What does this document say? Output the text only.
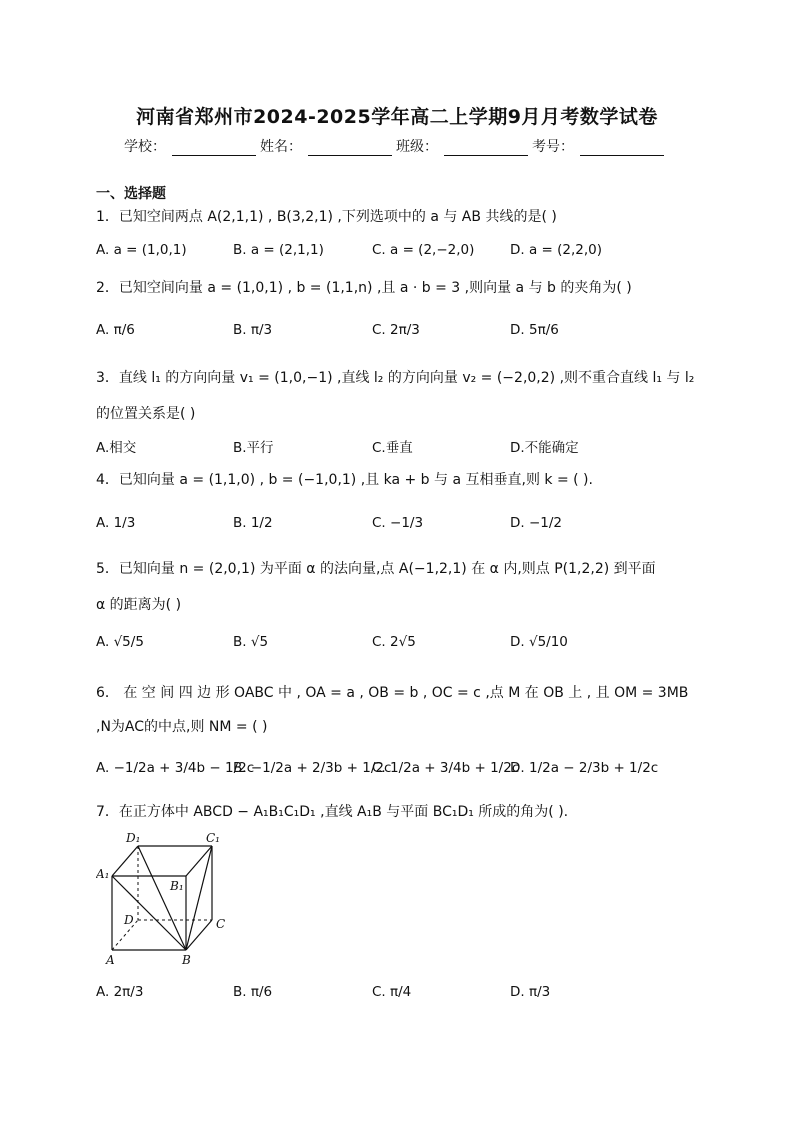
河南省郑州市2024-2025学年高二上学期9月月考数学试卷
学校：	姓名：	班级：	考号：
一、选择题
1．已知空间两点 A(2,1,1) , B(3,2,1) ,下列选项中的 a 与 AB 共线的是( )
A. a = (1,0,1)	B. a = (2,1,1)	C. a = (2,−2,0)	D. a = (2,2,0)
2．已知空间向量 a = (1,0,1) , b = (1,1,n) ,且 a · b = 3 ,则向量 a 与 b 的夹角为( )
A. π/6	B. π/3	C. 2π/3	D. 5π/6
3．直线 l₁ 的方向向量 v₁ = (1,0,−1) ,直线 l₂ 的方向向量 v₂ = (−2,0,2) ,则不重合直线 l₁ 与 l₂
的位置关系是( )
A.相交	B.平行	C.垂直	D.不能确定
4．已知向量 a = (1,1,0) , b = (−1,0,1) ,且 ka + b 与 a 互相垂直,则 k = ( ).
A. 1/3	B. 1/2	C. −1/3	D. −1/2
5．已知向量 n = (2,0,1) 为平面 α 的法向量,点 A(−1,2,1) 在 α 内,则点 P(1,2,2) 到平面
α 的距离为( )
A. √5/5	B. √5	C. 2√5	D. √5/10
6． 在 空 间 四 边 形 OABC 中 , OA = a , OB = b , OC = c ,点 M 在 OB 上 , 且 OM = 3MB
,N为AC的中点,则 NM = ( )
A. −1/2a + 3/4b − 1/2c
B. −1/2a + 2/3b + 1/2c
C. 1/2a + 3/4b + 1/2c
D. 1/2a − 2/3b + 1/2c
7．在正方体中 ABCD − A₁B₁C₁D₁ ,直线 A₁B 与平面 BC₁D₁ 所成的角为( ).
D₁	C₁
A₁
B₁
D	C
A	B
A. 2π/3	B. π/6	C. π/4	D. π/3
